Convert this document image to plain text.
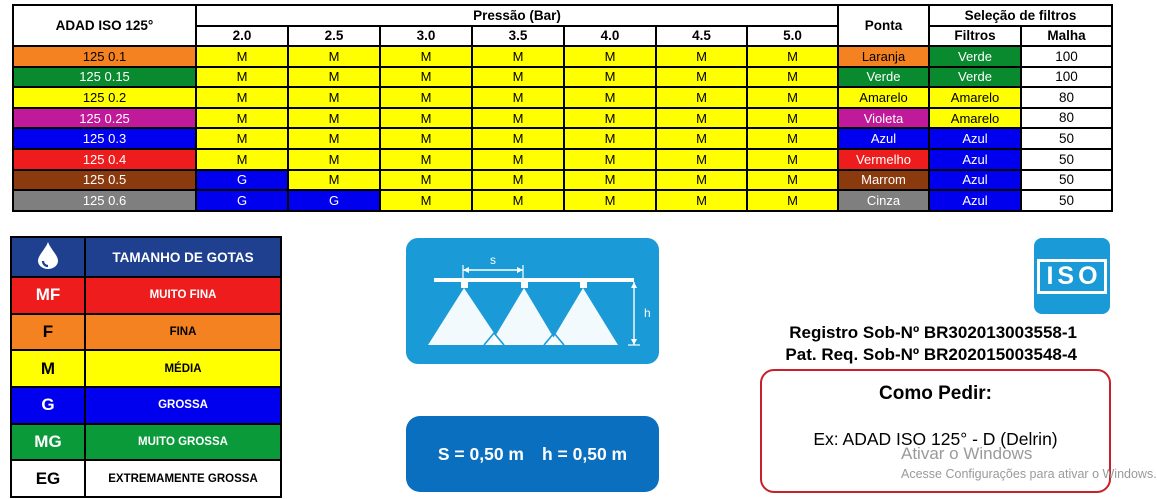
ADAD ISO 125°	Pressão (Bar)							Ponta	Seleção de filtros	
	2.0	2.5	3.0	3.5	4.0	4.5	5.0		Filtros	Malha
125 0.1	M	M	M	M	M	M	M	Laranja	Verde	100
125 0.15	M	M	M	M	M	M	M	Verde	Verde	100
125 0.2	M	M	M	M	M	M	M	Amarelo	Amarelo	80
125 0.25	M	M	M	M	M	M	M	Violeta	Amarelo	80
125 0.3	M	M	M	M	M	M	M	Azul	Azul	50
125 0.4	M	M	M	M	M	M	M	Vermelho	Azul	50
125 0.5	G	M	M	M	M	M	M	Marrom	Azul	50
125 0.6	G	G	M	M	M	M	M	Cinza	Azul	50
	TAMANHO DE GOTAS
MF	MUITO FINA
F	FINA
M	MÉDIA
G	GROSSA
MG	MUITO GROSSA
EG	EXTREMAMENTE GROSSA
s
h
S = 0,50 m h = 0,50 m
ISO
Registro Sob-Nº BR302013003558-1
Pat. Req. Sob-Nº BR202015003548-4
Como Pedir:
Ex: ADAD ISO 125° - D (Delrin)
Ativar o Windows
Acesse Configurações para ativar o Windows.
